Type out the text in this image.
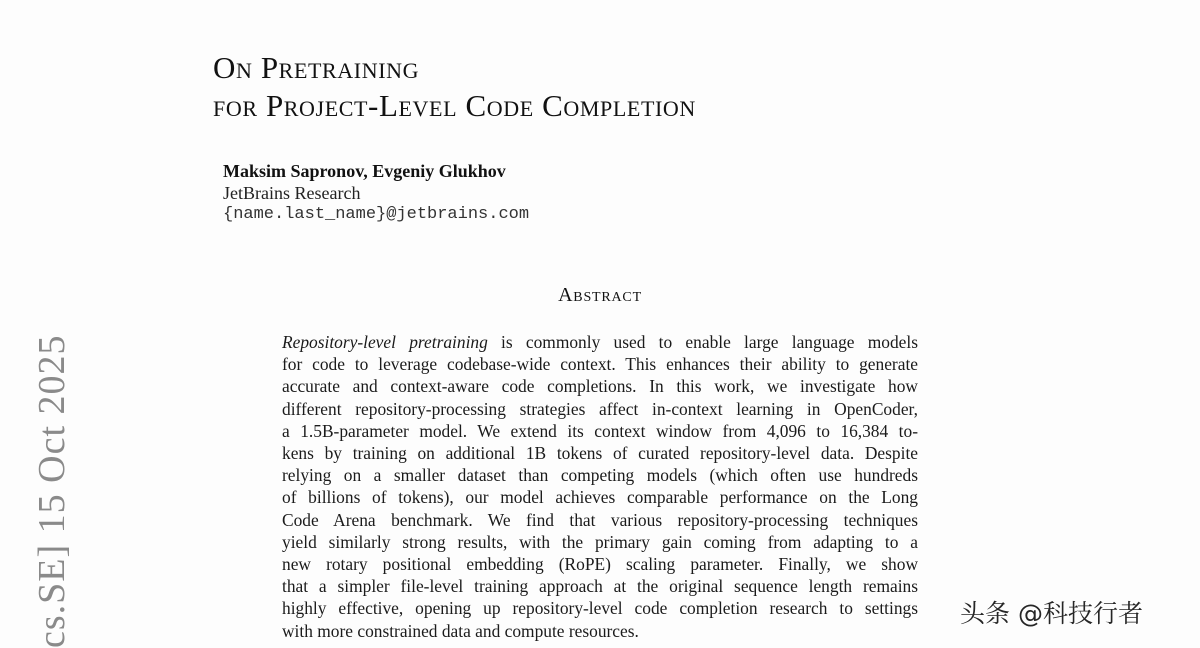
On Pretraining
for Project-Level Code Completion
Maksim Sapronov, Evgeniy Glukhov
JetBrains Research
{name.last_name}@jetbrains.com
Abstract
Repository-level pretraining is commonly used to enable large language models
for code to leverage codebase-wide context. This enhances their ability to generate
accurate and context-aware code completions. In this work, we investigate how
different repository-processing strategies affect in-context learning in OpenCoder,
a 1.5B-parameter model. We extend its context window from 4,096 to 16,384 to-
kens by training on additional 1B tokens of curated repository-level data. Despite
relying on a smaller dataset than competing models (which often use hundreds
of billions of tokens), our model achieves comparable performance on the Long
Code Arena benchmark. We find that various repository-processing techniques
yield similarly strong results, with the primary gain coming from adapting to a
new rotary positional embedding (RoPE) scaling parameter. Finally, we show
that a simpler file-level training approach at the original sequence length remains
highly effective, opening up repository-level code completion research to settings
with more constrained data and compute resources.
cs.SE] 15 Oct 2025	头条 @科技行者
